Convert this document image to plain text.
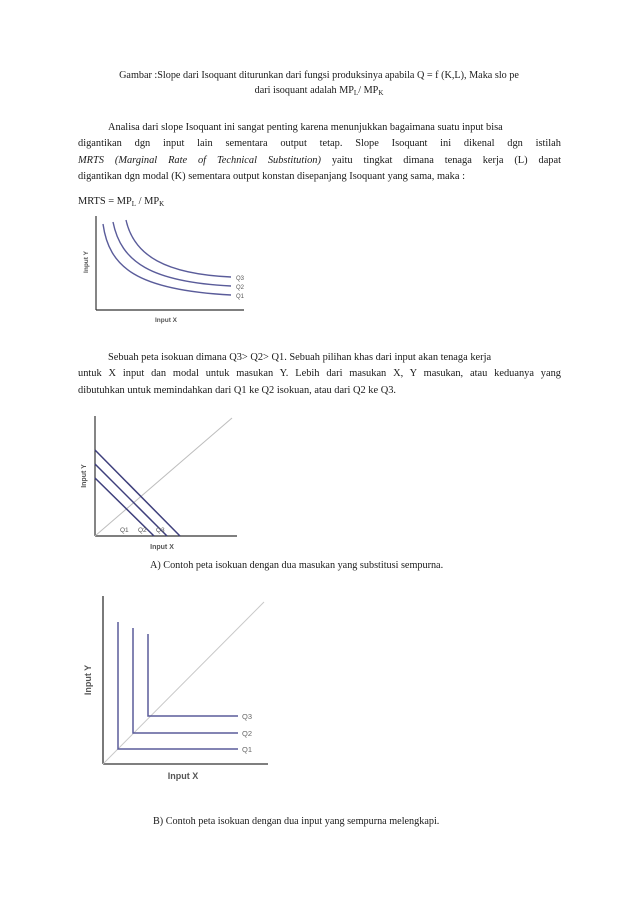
Gambar :Slope dari Isoquant diturunkan dari fungsi produksinya apabila Q = f (K,L), Maka slo pe
dari isoquant adalah $MP_L/$ $MP_K$
Analisa dari slope Isoquant ini sangat penting karena menunjukkan bagaimana suatu input bisa
digantikan dgn input lain sementara output tetap. Slope Isoquant ini dikenal dgn istilah
MRTS (Marginal Rate of Technical Substitution) yaitu tingkat dimana tenaga kerja (L) dapat
digantikan dgn modal (K) sementara output konstan disepanjang Isoquant yang sama, maka :
MRTS = $MP_L / MP_K$
Q3
Q2
Q1
Input Y
Input X
Sebuah peta isokuan dimana Q3> Q2> Q1. Sebuah pilihan khas dari input akan tenaga kerja
untuk X input dan modal untuk masukan Y. Lebih dari masukan X, Y masukan, atau keduanya yang
dibutuhkan untuk memindahkan dari Q1 ke Q2 isokuan, atau dari Q2 ke Q3.
Q1 Q2 Q3
Input Y
Input X
A) Contoh peta isokuan dengan dua masukan yang substitusi sempurna.
Q3
Q2
Q1
Input Y
Input X
B) Contoh peta isokuan dengan dua input yang sempurna melengkapi.
